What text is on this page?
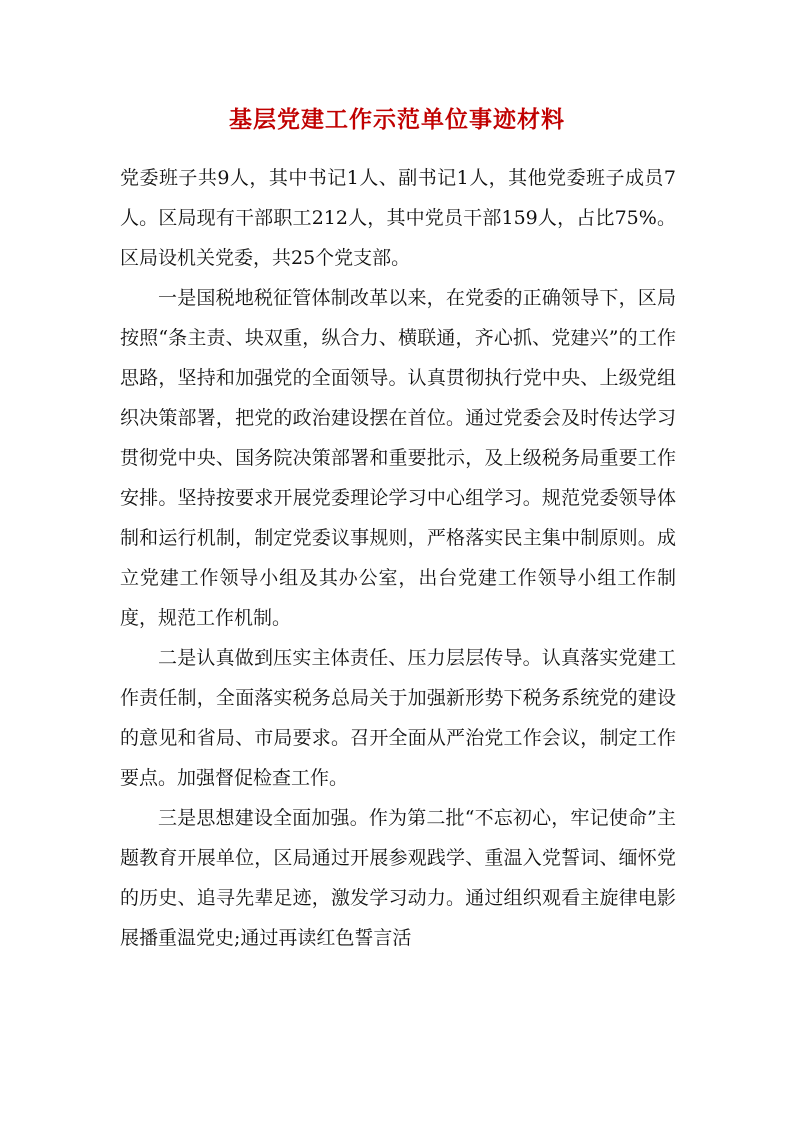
基层党建工作示范单位事迹材料

党委班子共9人，其中书记1人、副书记1人，其他党委班子成员7人。区局现有干部职工212人，其中党员干部159人，占比75%。区局设机关党委，共25个党支部。

一是国税地税征管体制改革以来，在党委的正确领导下，区局按照“条主责、块双重，纵合力、横联通，齐心抓、党建兴”的工作思路，坚持和加强党的全面领导。认真贯彻执行党中央、上级党组织决策部署，把党的政治建设摆在首位。通过党委会及时传达学习贯彻党中央、国务院决策部署和重要批示，及上级税务局重要工作安排。坚持按要求开展党委理论学习中心组学习。规范党委领导体制和运行机制，制定党委议事规则，严格落实民主集中制原则。成立党建工作领导小组及其办公室，出台党建工作领导小组工作制度，规范工作机制。

二是认真做到压实主体责任、压力层层传导。认真落实党建工作责任制，全面落实税务总局关于加强新形势下税务系统党的建设的意见和省局、市局要求。召开全面从严治党工作会议，制定工作要点。加强督促检查工作。

三是思想建设全面加强。作为第二批“不忘初心，牢记使命”主题教育开展单位，区局通过开展参观践学、重温入党誓词、缅怀党的历史、追寻先辈足迹，激发学习动力。通过组织观看主旋律电影展播重温党史;通过再读红色誓言活
